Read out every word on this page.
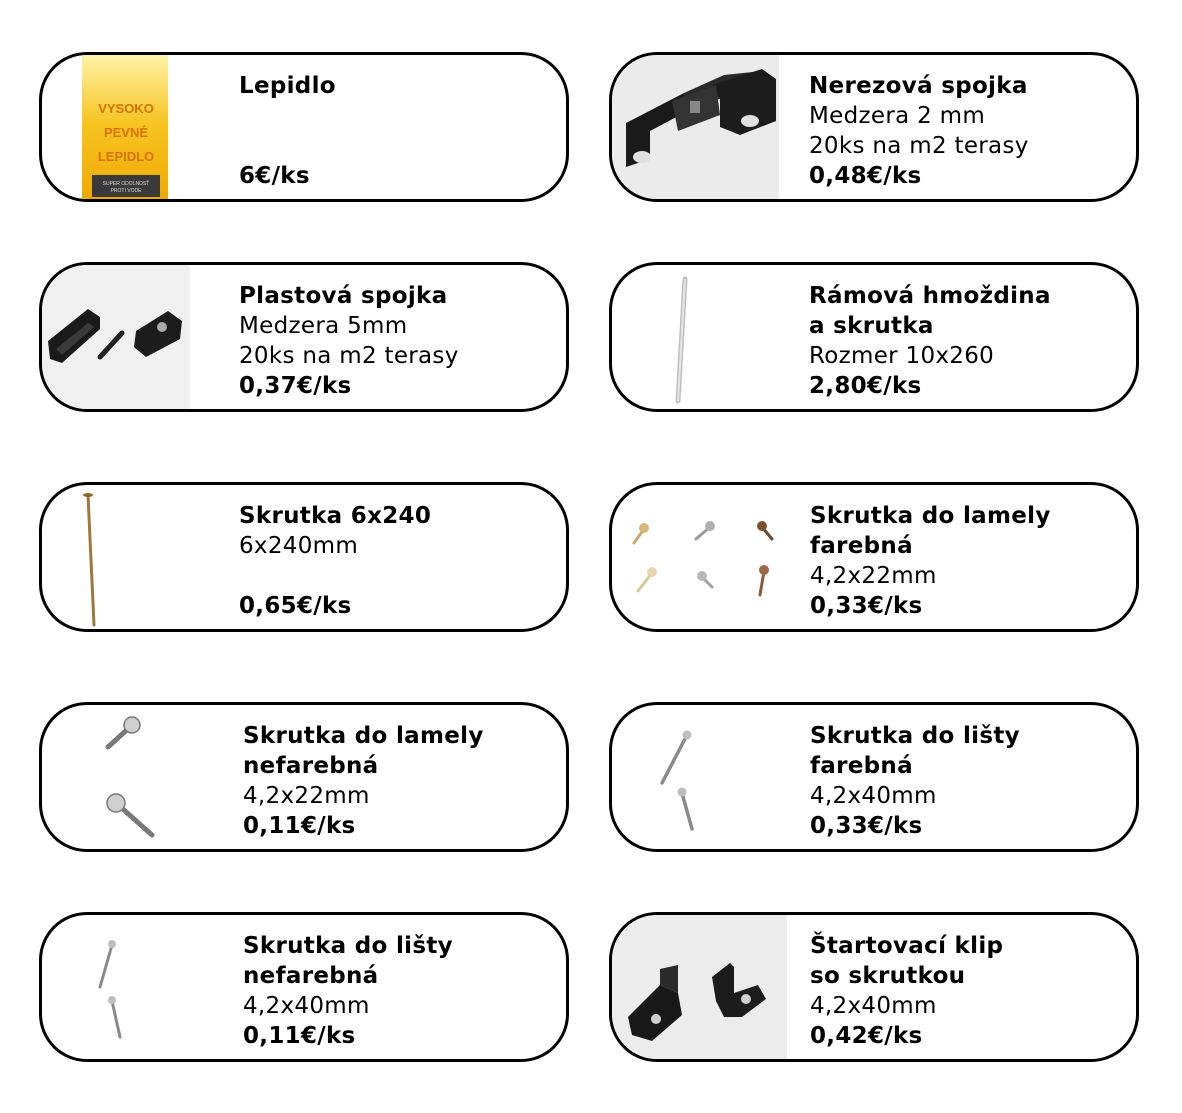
VYSOKO
PEVNÉ
LEPIDLO
SUPER ODOLNOSŤ
PROTI VODE
Lepidlo
6€/ks
Nerezová spojka
Medzera 2 mm
20ks na m2 terasy
0,48€/ks
Plastová spojka
Medzera 5mm
20ks na m2 terasy
0,37€/ks
Rámová hmoždina
a skrutka
Rozmer 10x260
2,80€/ks
Skrutka 6x240
6x240mm
0,65€/ks
Skrutka do lamely
farebná
4,2x22mm
0,33€/ks
Skrutka do lamely
nefarebná
4,2x22mm
0,11€/ks
Skrutka do lišty
farebná
4,2x40mm
0,33€/ks
Skrutka do lišty
nefarebná
4,2x40mm
0,11€/ks
Štartovací klip
so skrutkou
4,2x40mm
0,42€/ks
